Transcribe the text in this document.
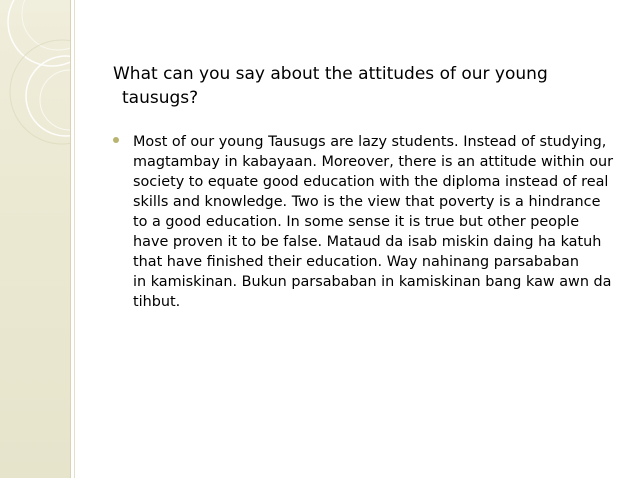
What can you say about the attitudes of our young
tausugs?
Most of our young Tausugs are lazy students. Instead of studying,
magtambay in kabayaan. Moreover, there is an attitude within our
society to equate good education with the diploma instead of real
skills and knowledge. Two is the view that poverty is a hindrance
to a good education. In some sense it is true but other people
have proven it to be false. Mataud da isab miskin daing ha katuh
that have finished their education. Way nahinang parsababan
in kamiskinan. Bukun parsababan in kamiskinan bang kaw awn da
tihbut.
